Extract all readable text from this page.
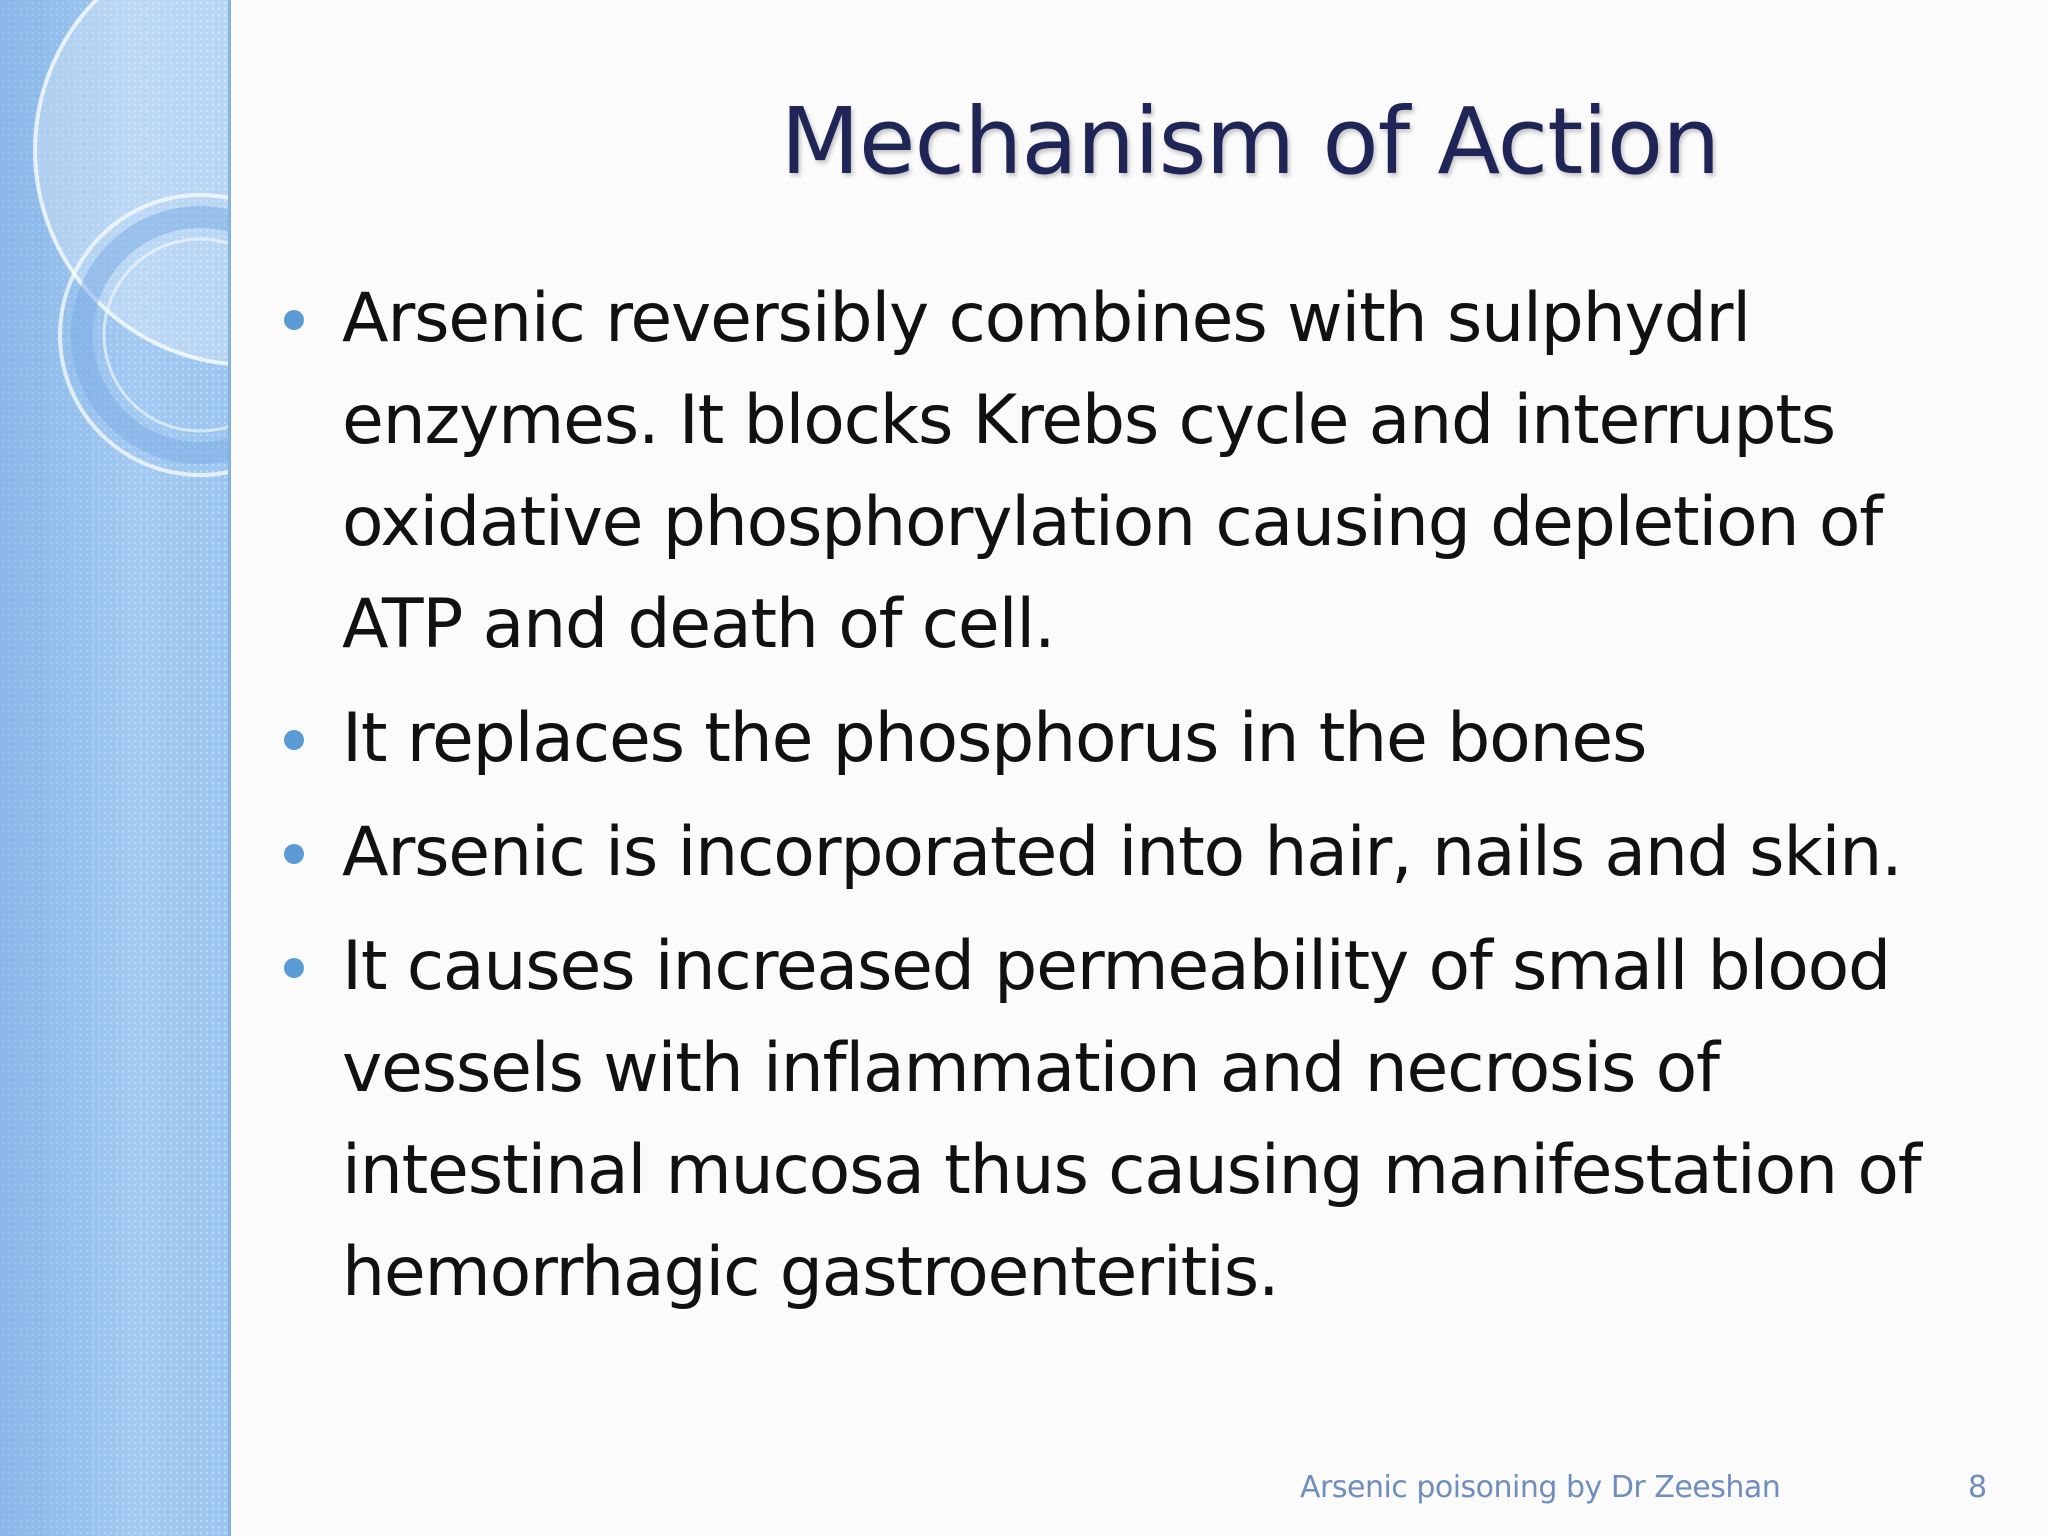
Mechanism of Action
Arsenic reversibly combines with sulphydrl enzymes. It blocks Krebs cycle and interrupts oxidative phosphorylation causing depletion of ATP and death of cell.
It replaces the phosphorus in the bones
Arsenic is incorporated into hair, nails and skin.
It causes increased permeability of small blood vessels with inflammation and necrosis of intestinal mucosa thus causing manifestation of hemorrhagic gastroenteritis.
Arsenic poisoning by Dr Zeeshan	8
